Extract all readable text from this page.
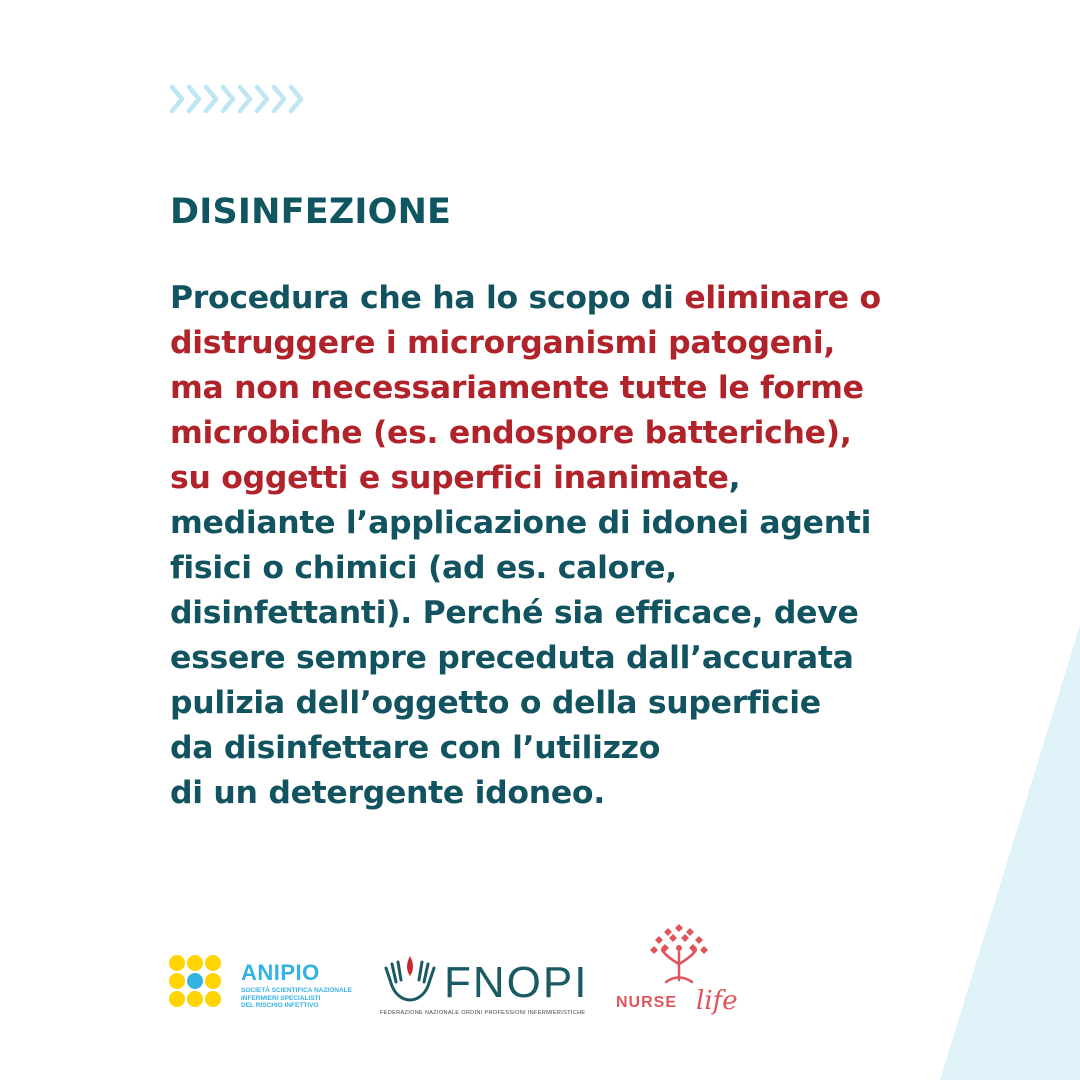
DISINFEZIONE
Procedura che ha lo scopo di eliminare o
distruggere i microrganismi patogeni,
ma non necessariamente tutte le forme
microbiche (es. endospore batteriche),
su oggetti e superfici inanimate,
mediante l’applicazione di idonei agenti
fisici o chimici (ad es. calore,
disinfettanti). Perché sia efficace, deve
essere sempre preceduta dall’accurata
pulizia dell’oggetto o della superficie
da disinfettare con l’utilizzo
di un detergente idoneo.
ANIPIO
SOCIETÀ SCIENTIFICA NAZIONALE
INFERMIERI SPECIALISTI
DEL RISCHIO INFETTIVO	FNOPI
FEDERAZIONE NAZIONALE ORDINI PROFESSIONI INFERMIERISTICHE
NURSE life
